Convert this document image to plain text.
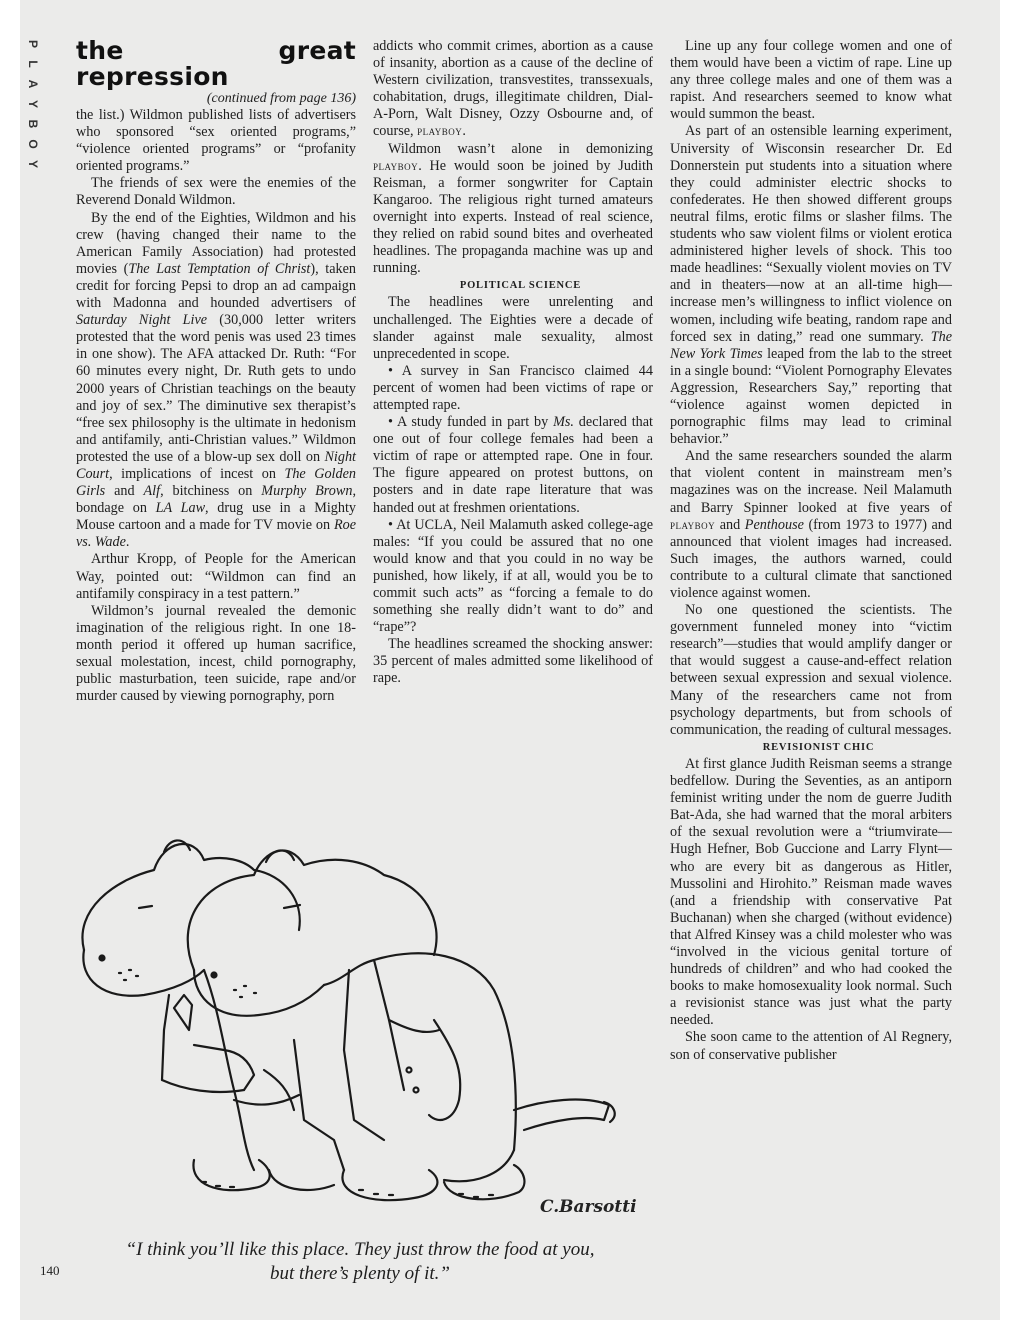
P
L
A
Y
B
O
Y
the great repression

(continued from page 136)

the list.) Wildmon published lists of advertisers who sponsored “sex oriented programs,” “violence oriented programs” or “profanity oriented programs.”

The friends of sex were the enemies of the Reverend Donald Wildmon.

By the end of the Eighties, Wildmon and his crew (having changed their name to the American Family Association) had protested movies (The Last Temptation of Christ), taken credit for forcing Pepsi to drop an ad campaign with Madonna and hounded advertisers of Saturday Night Live (30,000 letter writers protested that the word penis was used 23 times in one show). The AFA attacked Dr. Ruth: “For 60 minutes every night, Dr. Ruth gets to undo 2000 years of Christian teachings on the beauty and joy of sex.” The diminutive sex therapist’s “free sex philosophy is the ultimate in hedonism and antifamily, anti-Christian values.” Wildmon protested the use of a blow-up sex doll on Night Court, implications of incest on The Golden Girls and Alf, bitchiness on Murphy Brown, bondage on LA Law, drug use in a Mighty Mouse cartoon and a made for TV movie on Roe vs. Wade.

Arthur Kropp, of People for the American Way, pointed out: “Wildmon can find an antifamily conspiracy in a test pattern.”

Wildmon’s journal revealed the demonic imagination of the religious right. In one 18-month period it offered up human sacrifice, sexual molestation, incest, child pornography, public masturbation, teen suicide, rape and/or murder caused by viewing pornography, porn

addicts who commit crimes, abortion as a cause of insanity, abortion as a cause of the decline of Western civilization, transvestites, transsexuals, cohabitation, drugs, illegitimate children, Dial-A-Porn, Walt Disney, Ozzy Osbourne and, of course, playboy.

Wildmon wasn’t alone in demonizing playboy. He would soon be joined by Judith Reisman, a former songwriter for Captain Kangaroo. The religious right turned amateurs overnight into experts. Instead of real science, they relied on rabid sound bites and overheated headlines. The propaganda machine was up and running.

POLITICAL SCIENCE

The headlines were unrelenting and unchallenged. The Eighties were a decade of slander against male sexuality, almost unprecedented in scope.

• A survey in San Francisco claimed 44 percent of women had been victims of rape or attempted rape.

• A study funded in part by Ms. declared that one out of four college females had been a victim of rape or attempted rape. One in four. The figure appeared on protest buttons, on posters and in date rape literature that was handed out at freshmen orientations.

• At UCLA, Neil Malamuth asked college-age males: “If you could be assured that no one would know and that you could in no way be punished, how likely, if at all, would you be to commit such acts” as “forcing a female to do something she really didn’t want to do” and “rape”?

The headlines screamed the shocking answer: 35 percent of males admitted some likelihood of rape.

Line up any four college women and one of them would have been a victim of rape. Line up any three college males and one of them was a rapist. And researchers seemed to know what would summon the beast.

As part of an ostensible learning experiment, University of Wisconsin researcher Dr. Ed Donnerstein put students into a situation where they could administer electric shocks to confederates. He then showed different groups neutral films, erotic films or slasher films. The students who saw violent films or violent erotica administered higher levels of shock. This too made headlines: “Sexually violent movies on TV and in theaters—now at an all-time high—increase men’s willingness to inflict violence on women, including wife beating, random rape and forced sex in dating,” read one summary. The New York Times leaped from the lab to the street in a single bound: “Violent Pornography Elevates Aggression, Researchers Say,” reporting that “violence against women depicted in pornographic films may lead to criminal behavior.”

And the same researchers sounded the alarm that violent content in mainstream men’s magazines was on the increase. Neil Malamuth and Barry Spinner looked at five years of playboy and Penthouse (from 1973 to 1977) and announced that violent images had increased. Such images, the authors warned, could contribute to a cultural climate that sanctioned violence against women.

No one questioned the scientists. The government funneled money into “victim research”—studies that would amplify danger or that would suggest a cause-and-effect relation between sexual expression and sexual violence. Many of the researchers came not from psychology departments, but from schools of communication, the reading of cultural messages.

REVISIONIST CHIC

At first glance Judith Reisman seems a strange bedfellow. During the Seventies, as an antiporn feminist writing under the nom de guerre Judith Bat-Ada, she had warned that the moral arbiters of the sexual revolution were a “triumvirate—Hugh Hefner, Bob Guccione and Larry Flynt—who are every bit as dangerous as Hitler, Mussolini and Hirohito.” Reisman made waves (and a friendship with conservative Pat Buchanan) when she charged (without evidence) that Alfred Kinsey was a child molester who was “involved in the vicious genital torture of hundreds of children” and who had cooked the books to make homosexuality look normal. Such a revisionist stance was just what the party needed.

She soon came to the attention of Al Regnery, son of conservative publisher

C.Barsotti
“I think you’ll like this place. They just throw the food at you,
but there’s plenty of it.”
140
